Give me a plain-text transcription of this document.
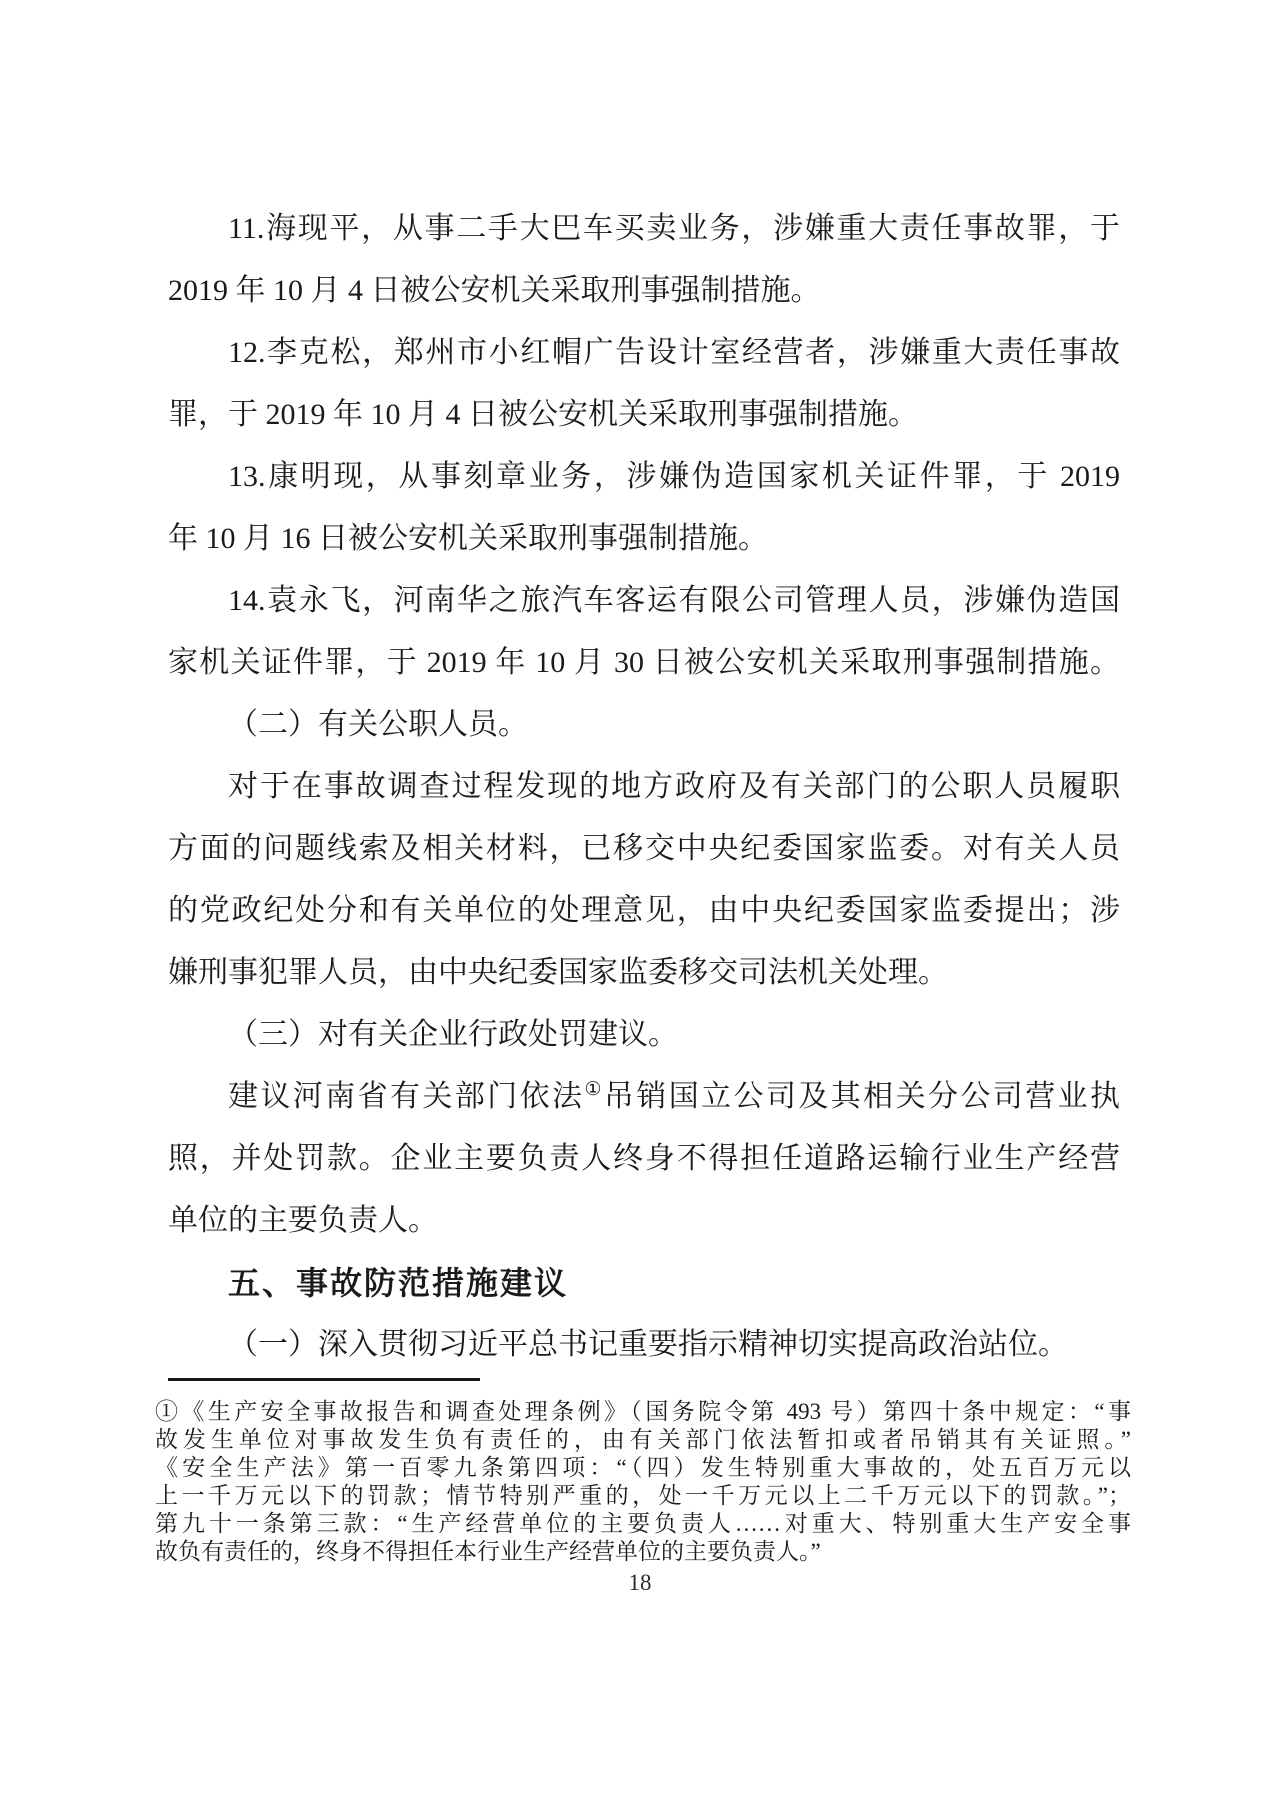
11.海现平，从事二手大巴车买卖业务，涉嫌重大责任事故罪，于
2019 年 10 月 4 日被公安机关采取刑事强制措施。
12.李克松，郑州市小红帽广告设计室经营者，涉嫌重大责任事故
罪，于 2019 年 10 月 4 日被公安机关采取刑事强制措施。
13.康明现，从事刻章业务，涉嫌伪造国家机关证件罪，于 2019
年 10 月 16 日被公安机关采取刑事强制措施。
14.袁永飞，河南华之旅汽车客运有限公司管理人员，涉嫌伪造国
家机关证件罪，于 2019 年 10 月 30 日被公安机关采取刑事强制措施。
（二）有关公职人员。
对于在事故调查过程发现的地方政府及有关部门的公职人员履职
方面的问题线索及相关材料，已移交中央纪委国家监委。对有关人员
的党政纪处分和有关单位的处理意见，由中央纪委国家监委提出；涉
嫌刑事犯罪人员，由中央纪委国家监委移交司法机关处理。
（三）对有关企业行政处罚建议。
建议河南省有关部门依法①吊销国立公司及其相关分公司营业执
照，并处罚款。企业主要负责人终身不得担任道路运输行业生产经营
单位的主要负责人。
五、事故防范措施建议
（一）深入贯彻习近平总书记重要指示精神切实提高政治站位。
①《生产安全事故报告和调查处理条例》（国务院令第 493 号）第四十条中规定：“事
故发生单位对事故发生负有责任的，由有关部门依法暂扣或者吊销其有关证照。”
《安全生产法》第一百零九条第四项：“（四）发生特别重大事故的，处五百万元以
上一千万元以下的罚款；情节特别严重的，处一千万元以上二千万元以下的罚款。”；
第九十一条第三款：“生产经营单位的主要负责人……对重大、特别重大生产安全事
故负有责任的，终身不得担任本行业生产经营单位的主要负责人。”
18
